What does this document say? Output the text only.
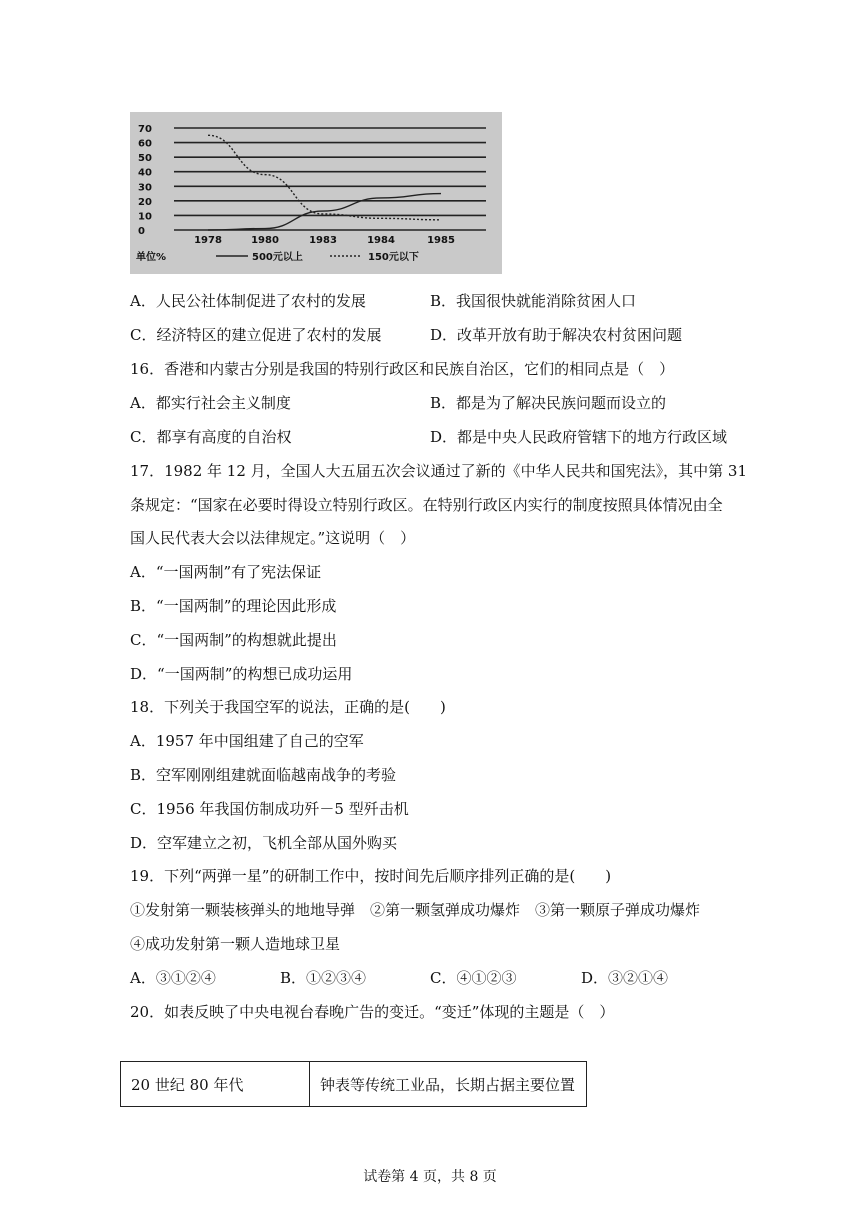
0
10
20
30
40
50
60
70
1978	1980	1983	1984	1985
单位%	500元以上	150元以下
A．人民公社体制促进了农村的发展	B．我国很快就能消除贫困人口
C．经济特区的建立促进了农村的发展	D．改革开放有助于解决农村贫困问题
16．香港和内蒙古分别是我国的特别行政区和民族自治区，它们的相同点是（　）
A．都实行社会主义制度	B．都是为了解决民族问题而设立的
C．都享有高度的自治权	D．都是中央人民政府管辖下的地方行政区域
17．1982 年 12 月，全国人大五届五次会议通过了新的《中华人民共和国宪法》，其中第 31
条规定：“国家在必要时得设立特别行政区。在特别行政区内实行的制度按照具体情况由全
国人民代表大会以法律规定。”这说明（　）
A．“一国两制”有了宪法保证
B．“一国两制”的理论因此形成
C．“一国两制”的构想就此提出
D．“一国两制”的构想已成功运用
18．下列关于我国空军的说法，正确的是(　　)
A．1957 年中国组建了自己的空军
B．空军刚刚组建就面临越南战争的考验
C．1956 年我国仿制成功歼－5 型歼击机
D．空军建立之初，飞机全部从国外购买
19．下列“两弹一星”的研制工作中，按时间先后顺序排列正确的是(　　)
①发射第一颗装核弹头的地地导弹　②第一颗氢弹成功爆炸　③第一颗原子弹成功爆炸
④成功发射第一颗人造地球卫星
A．③①②④	B．①②③④	C．④①②③	D．③②①④
20．如表反映了中央电视台春晚广告的变迁。“变迁”体现的主题是（　）
20 世纪 80 年代	钟表等传统工业品，长期占据主要位置
试卷第 4 页，共 8 页
